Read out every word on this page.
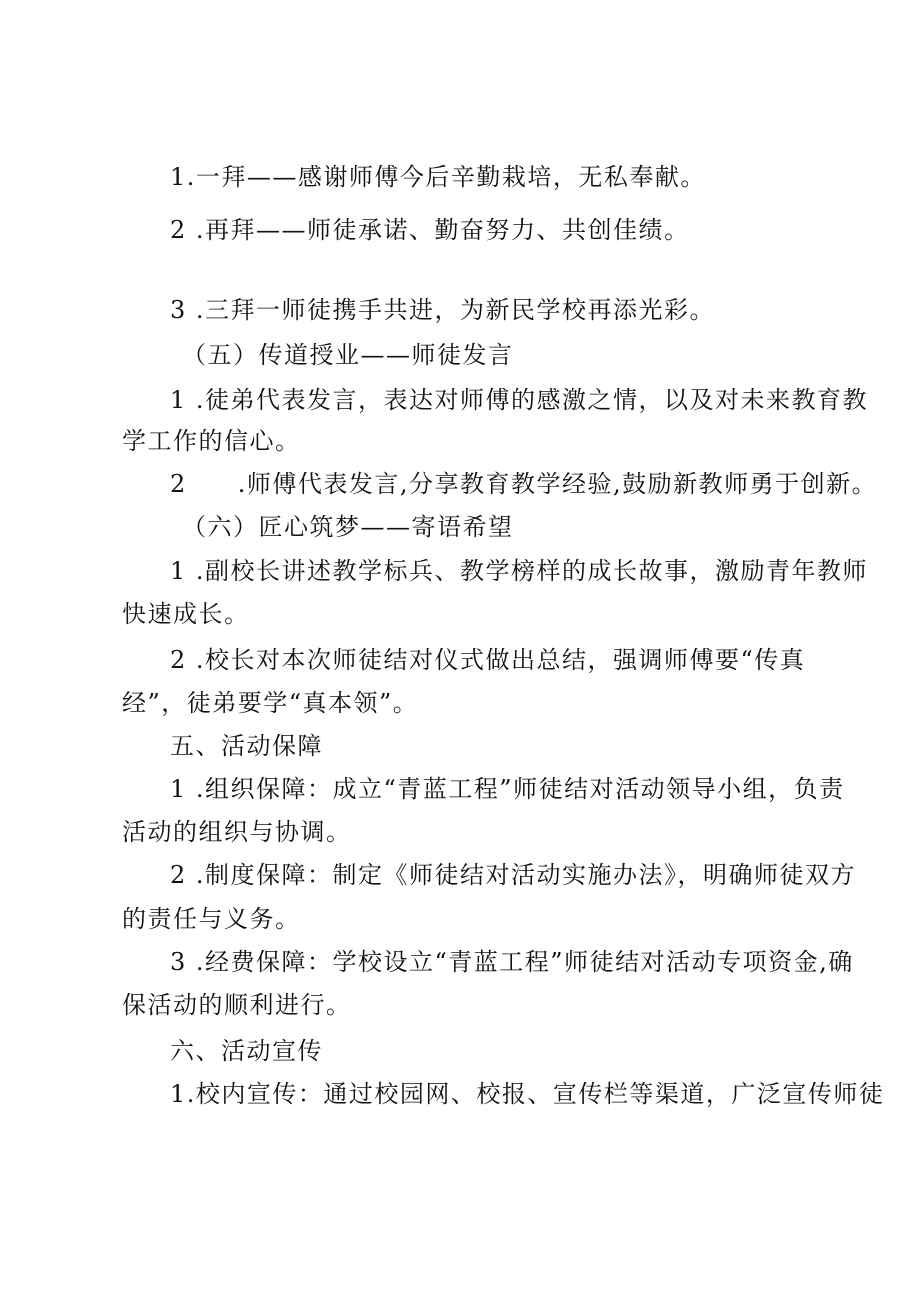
1.一拜——感谢师傅今后辛勤栽培，无私奉献。
2 .再拜——师徒承诺、勤奋努力、共创佳绩。
3 .三拜一师徒携手共进，为新民学校再添光彩。
（五）传道授业——师徒发言
1 .徒弟代表发言，表达对师傅的感激之情，以及对未来教育教
学工作的信心。
2　　.师傅代表发言,分享教育教学经验,鼓励新教师勇于创新。
（六）匠心筑梦——寄语希望
1 .副校长讲述教学标兵、教学榜样的成长故事，激励青年教师
快速成长。
2 .校长对本次师徒结对仪式做出总结，强调师傅要“传真
经”，徒弟要学“真本领”。
五、活动保障
1 .组织保障：成立“青蓝工程”师徒结对活动领导小组，负责
活动的组织与协调。
2 .制度保障：制定《师徒结对活动实施办法》，明确师徒双方
的责任与义务。
3 .经费保障：学校设立“青蓝工程”师徒结对活动专项资金,确
保活动的顺利进行。
六、活动宣传
1.校内宣传：通过校园网、校报、宣传栏等渠道，广泛宣传师徒
